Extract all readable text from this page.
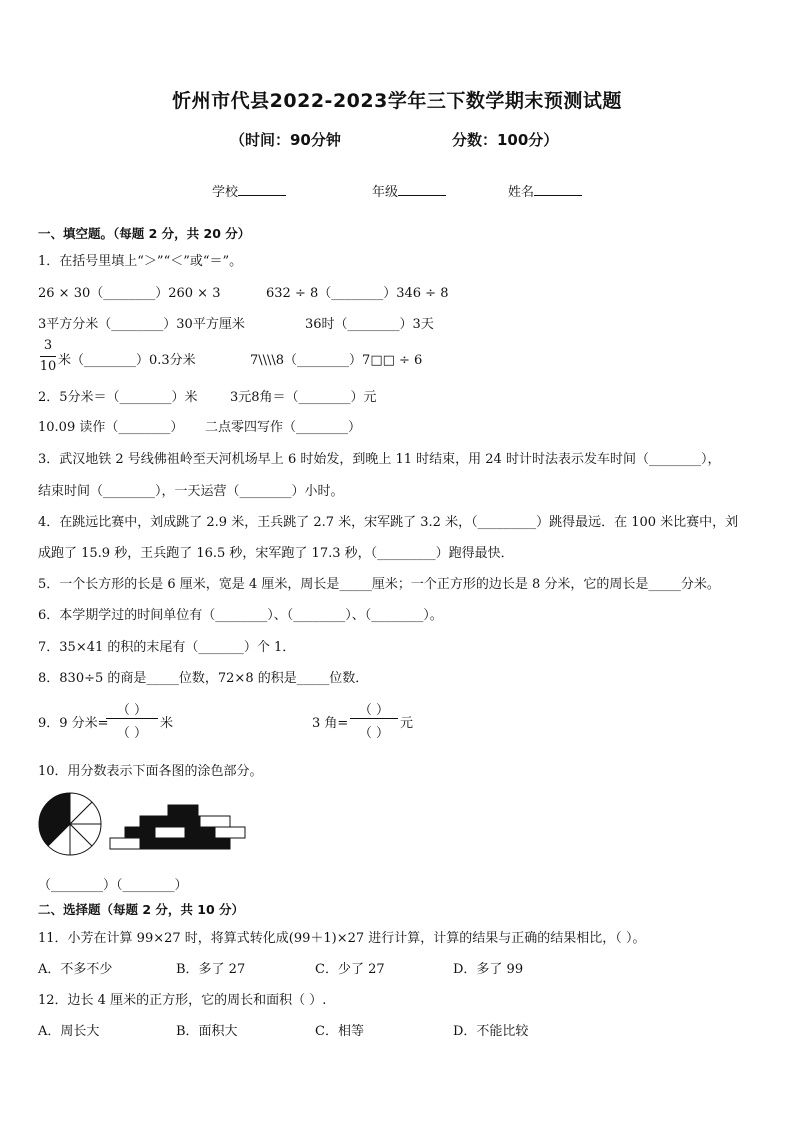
忻州市代县2022-2023学年三下数学期末预测试题
（时间：90分钟	分数：100分）
学校	年级	姓名
一、填空题。（每题 2 分，共 20 分）
1．在括号里填上“＞”“＜”或“＝”。
26 × 30（________）260 × 3	632 ÷ 8（________）346 ÷ 8
3平方分米（________）30平方厘米	36时（________）3天
3
10 米（________）0.3分米	7\\\\8（________）7□□ ÷ 6
2．5分米＝（________）米 3元8角＝（________）元
10.09 读作（________） 二点零四写作（________）
3．武汉地铁 2 号线佛祖岭至天河机场早上 6 时始发，到晚上 11 时结束，用 24 时计时法表示发车时间（________），
结束时间（________），一天运营（________）小时。
4．在跳远比赛中，刘成跳了 2.9 米，王兵跳了 2.7 米，宋军跳了 3.2 米，（_________）跳得最远．在 100 米比赛中，刘
成跑了 15.9 秒，王兵跑了 16.5 秒，宋军跑了 17.3 秒，（_________）跑得最快．
5．一个长方形的长是 6 厘米，宽是 4 厘米，周长是_____厘米；一个正方形的边长是 8 分米，它的周长是_____分米。
6．本学期学过的时间单位有（________）、（________）、（________）。
7．35×41 的积的末尾有（_______）个 1．
8．830÷5 的商是_____位数，72×8 的积是_____位数．
9．9 分米=
（ ）
（ ）
米	3 角=
（ ）
（ ）
元
10．用分数表示下面各图的涂色部分。
（________）（________）
二、选择题（每题 2 分，共 10 分）
11．小芳在计算 99×27 时，将算式转化成(99＋1)×27 进行计算，计算的结果与正确的结果相比，（ ）。
A．不多不少	B．多了 27	C．少了 27	D．多了 99
12．边长 4 厘米的正方形，它的周长和面积（ ）.
A．周长大	B．面积大	C．相等	D．不能比较
